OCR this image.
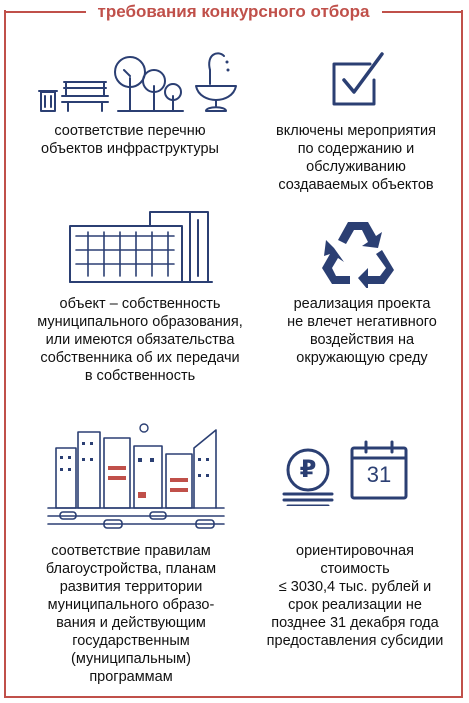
требования конкурсного отбора
соответствие перечню
объектов инфраструктуры
включены мероприятия
по содержанию и
обслуживанию
создаваемых объектов
объект – собственность
муниципального образования,
или имеются обязательства
собственника об их передачи
в собственность
реализация проекта
не влечет негативного
воздействия на
окружающую среду
соответствие правилам
благоустройства, планам
развития территории
муниципального образо-
вания и действующим
государственным
(муниципальным)
программам
₽	31
ориентировочная
стоимость
≤ 3030,4 тыс. рублей и
срок реализации не
позднее 31 декабря года
предоставления субсидии
